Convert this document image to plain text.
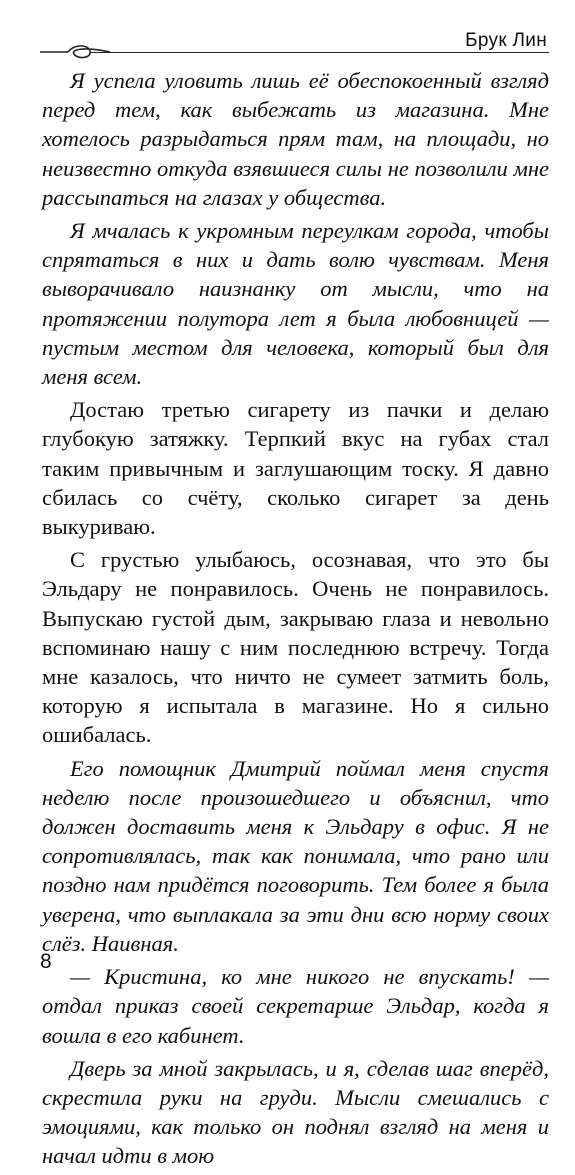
Брук Лин

Я успела уловить лишь её обеспокоенный взгляд перед тем, как выбежать из магазина. Мне хотелось разрыдаться прям там, на площади, но неизвестно откуда взявшиеся силы не позволили мне рассыпаться на глазах у общества.

Я мчалась к укромным переулкам города, чтобы спрятаться в них и дать волю чувствам. Меня выворачивало наизнанку от мысли, что на протяжении полутора лет я была любовницей — пустым местом для человека, который был для меня всем.

Достаю третью сигарету из пачки и делаю глубокую затяжку. Терпкий вкус на губах стал таким привычным и заглушающим тоску. Я давно сбилась со счёту, сколько сигарет за день выкуриваю.

С грустью улыбаюсь, осознавая, что это бы Эльдару не понравилось. Очень не понравилось. Выпускаю густой дым, закрываю глаза и невольно вспоминаю нашу с ним последнюю встречу. Тогда мне казалось, что ничто не сумеет затмить боль, которую я испытала в магазине. Но я сильно ошибалась.

Его помощник Дмитрий поймал меня спустя неделю после произошедшего и объяснил, что должен доставить меня к Эльдару в офис. Я не сопротивлялась, так как понимала, что рано или поздно нам придётся поговорить. Тем более я была уверена, что выплакала за эти дни всю норму своих слёз. Наивная.

— Кристина, ко мне никого не впускать! — отдал приказ своей секретарше Эльдар, когда я вошла в его кабинет.

Дверь за мной закрылась, и я, сделав шаг вперёд, скрестила руки на груди. Мысли смешались с эмоциями, как только он поднял взгляд на меня и начал идти в мою

8
